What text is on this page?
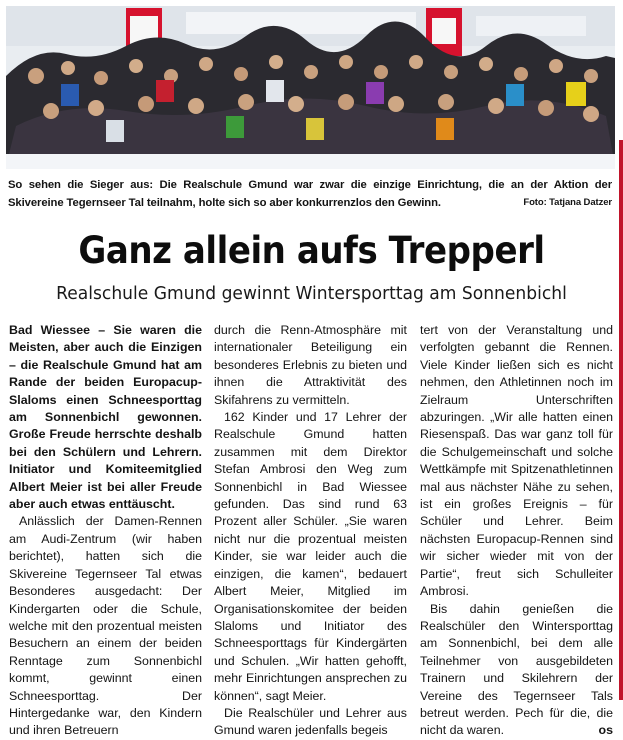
So sehen die Sieger aus: Die Realschule Gmund war zwar die einzige Einrichtung, die an der Aktion der Skivereine Tegernseer Tal teilnahm, holte sich so aber konkurrenzlos den Gewinn.	Foto: Tatjana Datzer
Ganz allein aufs Trepperl
Realschule Gmund gewinnt Wintersporttag am Sonnenbichl

Bad Wiessee – Sie waren die Meisten, aber auch die Einzigen – die Realschule Gmund hat am Rande der beiden Europacup-Slaloms einen Schneesporttag am Sonnenbichl gewonnen. Große Freude herrschte deshalb bei den Schülern und Lehrern. Initiator und Komiteemitglied Albert Meier ist bei aller Freude aber auch etwas enttäuscht.

Anlässlich der Damen-Rennen am Audi-Zentrum (wir haben berichtet), hatten sich die Skivereine Tegernseer Tal etwas Besonderes ausgedacht: Der Kindergarten oder die Schule, welche mit den prozentual meisten Besuchern an einem der beiden Renntage zum Sonnenbichl kommt, gewinnt einen Schneesporttag. Der Hintergedanke war, den Kindern und ihren Betreuern

durch die Renn-Atmosphäre mit internationaler Beteiligung ein besonderes Erlebnis zu bieten und ihnen die Attraktivität des Skifahrens zu vermitteln.

162 Kinder und 17 Lehrer der Realschule Gmund hatten zusammen mit dem Direktor Stefan Ambrosi den Weg zum Sonnenbichl in Bad Wiessee gefunden. Das sind rund 63 Prozent aller Schüler. „Sie waren nicht nur die prozentual meisten Kinder, sie war leider auch die einzigen, die kamen“, bedauert Albert Meier, Mitglied im Organisationskomitee der beiden Slaloms und Initiator des Schneesporttags für Kindergärten und Schulen. „Wir hatten gehofft, mehr Einrichtungen ansprechen zu können“, sagt Meier.

Die Realschüler und Lehrer aus Gmund waren jedenfalls begeis

tert von der Veranstaltung und verfolgten gebannt die Rennen. Viele Kinder ließen sich es nicht nehmen, den Athletinnen noch im Zielraum Unterschriften abzuringen. „Wir alle hatten einen Riesenspaß. Das war ganz toll für die Schulgemeinschaft und solche Wettkämpfe mit Spitzenathletinnen mal aus nächster Nähe zu sehen, ist ein großes Ereignis – für Schüler und Lehrer. Beim nächsten Europacup-Rennen sind wir sicher wieder mit von der Partie“, freut sich Schulleiter Ambrosi.

Bis dahin genießen die Realschüler den Wintersporttag am Sonnenbichl, bei dem alle Teilnehmer von ausgebildeten Trainern und Skilehrern der Vereine des Tegernseer Tals betreut werden. Pech für die, die nicht da waren.	os
